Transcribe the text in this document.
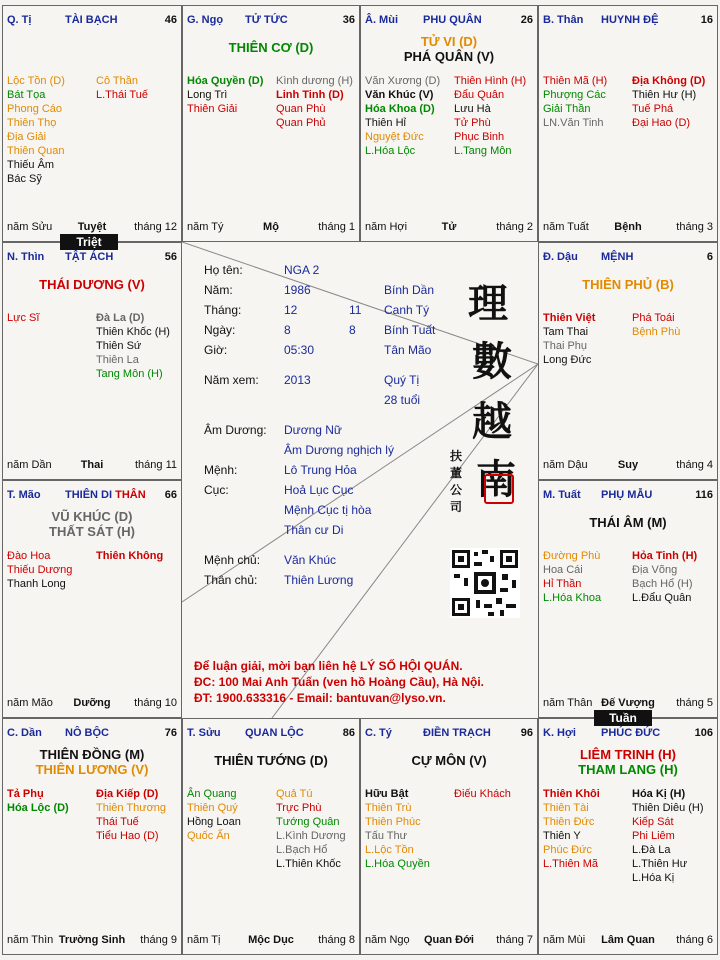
Q. Tị	TÀI BẠCH	46
Lộc Tồn (D)
Bát Tọa
Phong Cáo
Thiên Thọ
Địa Giải
Thiên Quan
Thiếu Âm
Bác Sỹ
Cô Thần
L.Thái Tuế
năm Sửu	Tuyệt	tháng 12
G. Ngọ TỬ TỨC	36
THIÊN CƠ (D)
Hóa Quyền (D)
Long Trì
Thiên Giải
Kình dương (H)
Linh Tinh (D)
Quan Phù
Quan Phủ
năm Tý	Mộ	tháng 1
Â. Mùi PHU QUÂN	26
TỬ VI (D)
PHÁ QUÂN (V)
Văn Xương (D)
Văn Khúc (V)
Hóa Khoa (D)
Thiên Hỉ
Nguyệt Đức
L.Hóa Lộc
Thiên Hình (H)
Đẩu Quân
Lưu Hà
Tử Phù
Phục Binh
L.Tang Môn
năm Hợi	Tử	tháng 2
B. Thân HUYNH ĐỆ	16
Thiên Mã (H)
Phượng Các
Giải Thần
LN.Văn Tinh
Địa Không (D)
Thiên Hư (H)
Tuế Phá
Đại Hao (D)
năm Tuất	Bệnh	tháng 3
Đ. Dậu MỆNH	6
THIÊN PHỦ (B)
Thiên Việt
Tam Thai
Thai Phụ
Long Đức
Phá Toái
Bệnh Phù
năm Dậu	Suy	tháng 4
M. Tuất PHỤ MẪU	116
THÁI ÂM (M)
Đường Phù
Hoa Cái
Hỉ Thần
L.Hóa Khoa
Hỏa Tinh (H)
Địa Võng
Bạch Hổ (H)
L.Đẩu Quân
năm Thân Đế Vượng	tháng 5
K. Hợi PHÚC ĐỨC	106
LIÊM TRINH (H)
THAM LANG (H)
Thiên Khôi
Thiên Tài
Thiên Đức
Thiên Y
Phúc Đức
L.Thiên Mã
Hóa Kị (H)
Thiên Diêu (H)
Kiếp Sát
Phi Liêm
L.Đà La
L.Thiên Hư
L.Hóa Kị
năm Mùi	Lâm Quan	tháng 6
C. Tý	ĐIỀN TRẠCH	96
CỰ MÔN (V)
Hữu Bật
Thiên Trù
Thiên Phúc
Tấu Thư
L.Lộc Tồn
L.Hóa Quyền
Điếu Khách
năm Ngọ	Quan Đới	tháng 7
T. Sửu QUAN LỘC	86
THIÊN TƯỚNG (D)
Ân Quang
Thiên Quý
Hồng Loan
Quốc Ấn
Quả Tú
Trực Phù
Tướng Quân
L.Kình Dương
L.Bạch Hổ
L.Thiên Khốc
năm Tị	Mộc Dục	tháng 8
C. Dần NÔ BỘC	76
THIÊN ĐỒNG (M)
THIÊN LƯƠNG (V)
Tả Phụ
Hóa Lộc (D)
Địa Kiếp (D)
Thiên Thương
Thái Tuế
Tiểu Hao (D)
năm Thìn Trường Sinh	tháng 9
T. Mão THIÊN DI THÂN 66
VŨ KHÚC (D)
THẤT SÁT (H)
Đào Hoa
Thiếu Dương
Thanh Long
Thiên Không
năm Mão	Dưỡng	tháng 10
N. Thìn TẬT ÁCH	56
THÁI DƯƠNG (V)
Lực Sĩ	Đà La (D)
Thiên Khốc (H)
Thiên Sứ
Thiên La
Tang Môn (H)
năm Dần	Thai	tháng 11
Triệt
Tuần
Họ tên:	NGA 2
Năm:	1986	Bính Dần
Tháng:	12	11 Canh Tý
Ngày:	8	8 Bính Tuất
Giờ:	05:30	Tân Mão
Năm xem: 2013	Quý Tị
28 tuổi
Âm Dương: Dương Nữ
Âm Dương nghịch lý
Mệnh:	Lô Trung Hỏa
Cục:	Hoả Lục Cục
Mệnh Cục tị hòa
Thân cư Di
Mệnh chủ: Văn Khúc
Thân chủ: Thiên Lương
理
數
越
南
扶
董
公
司
Để luận giải, mời bạn liên hệ LÝ SỐ HỘI QUÁN.
ĐC: 100 Mai Anh Tuấn (ven hồ Hoàng Cầu), Hà Nội.
ĐT: 1900.633316 - Email: bantuvan@lyso.vn.
